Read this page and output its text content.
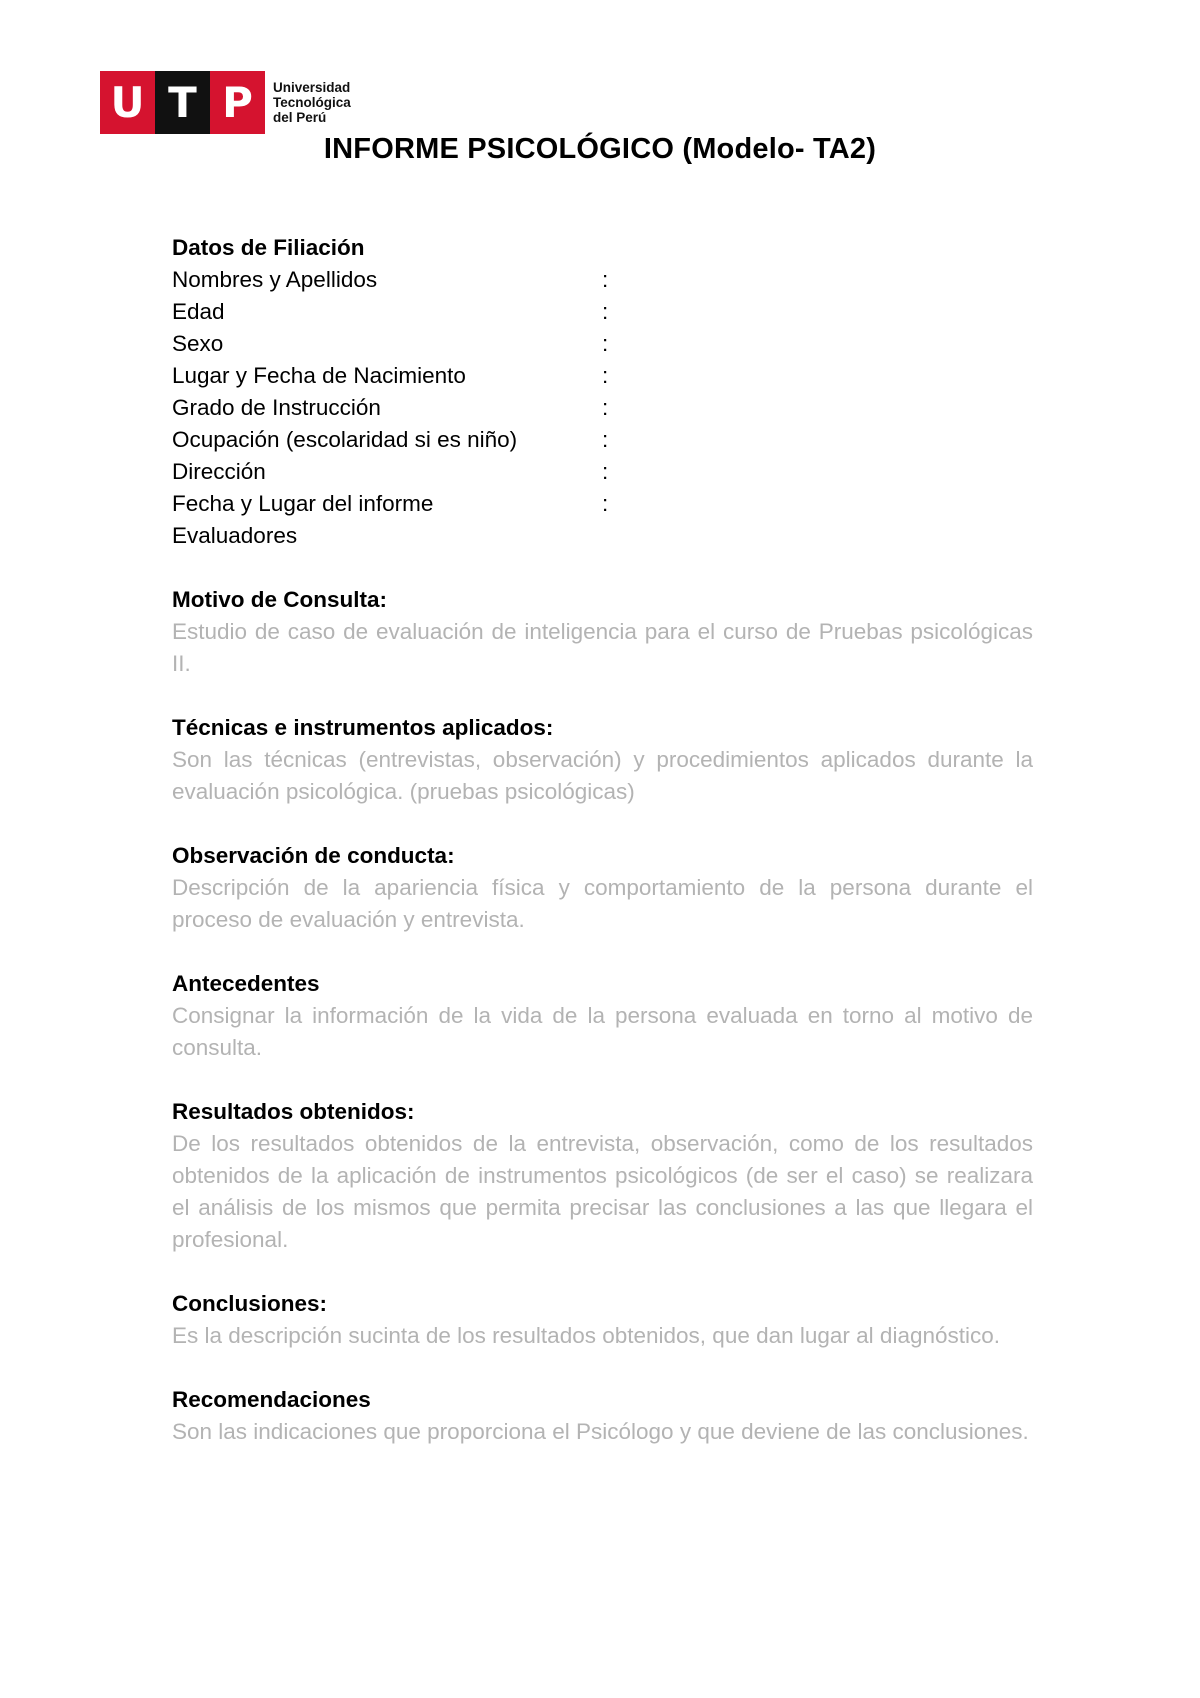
U T P	Universidad
Tecnológica
del Perú
INFORME PSICOLÓGICO (Modelo- TA2)
Datos de Filiación
Nombres y Apellidos	:
Edad	:
Sexo	:
Lugar y Fecha de Nacimiento	:
Grado de Instrucción	:
Ocupación (escolaridad si es niño)	:
Dirección	:
Fecha y Lugar del informe	:
Evaluadores
Motivo de Consulta:
Estudio de caso de evaluación de inteligencia para el curso de Pruebas psicológicas II.
Técnicas e instrumentos aplicados:
Son las técnicas (entrevistas, observación) y procedimientos aplicados durante la evaluación psicológica. (pruebas psicológicas)
Observación de conducta:
Descripción de la apariencia física y comportamiento de la persona durante el proceso de evaluación y entrevista.
Antecedentes
Consignar la información de la vida de la persona evaluada en torno al motivo de consulta.
Resultados obtenidos:
De los resultados obtenidos de la entrevista, observación, como de los resultados obtenidos de la aplicación de instrumentos psicológicos (de ser el caso) se realizara el análisis de los mismos que permita precisar las conclusiones a las que llegara el profesional.
Conclusiones:
Es la descripción sucinta de los resultados obtenidos, que dan lugar al diagnóstico.
Recomendaciones
Son las indicaciones que proporciona el Psicólogo y que deviene de las conclusiones.
